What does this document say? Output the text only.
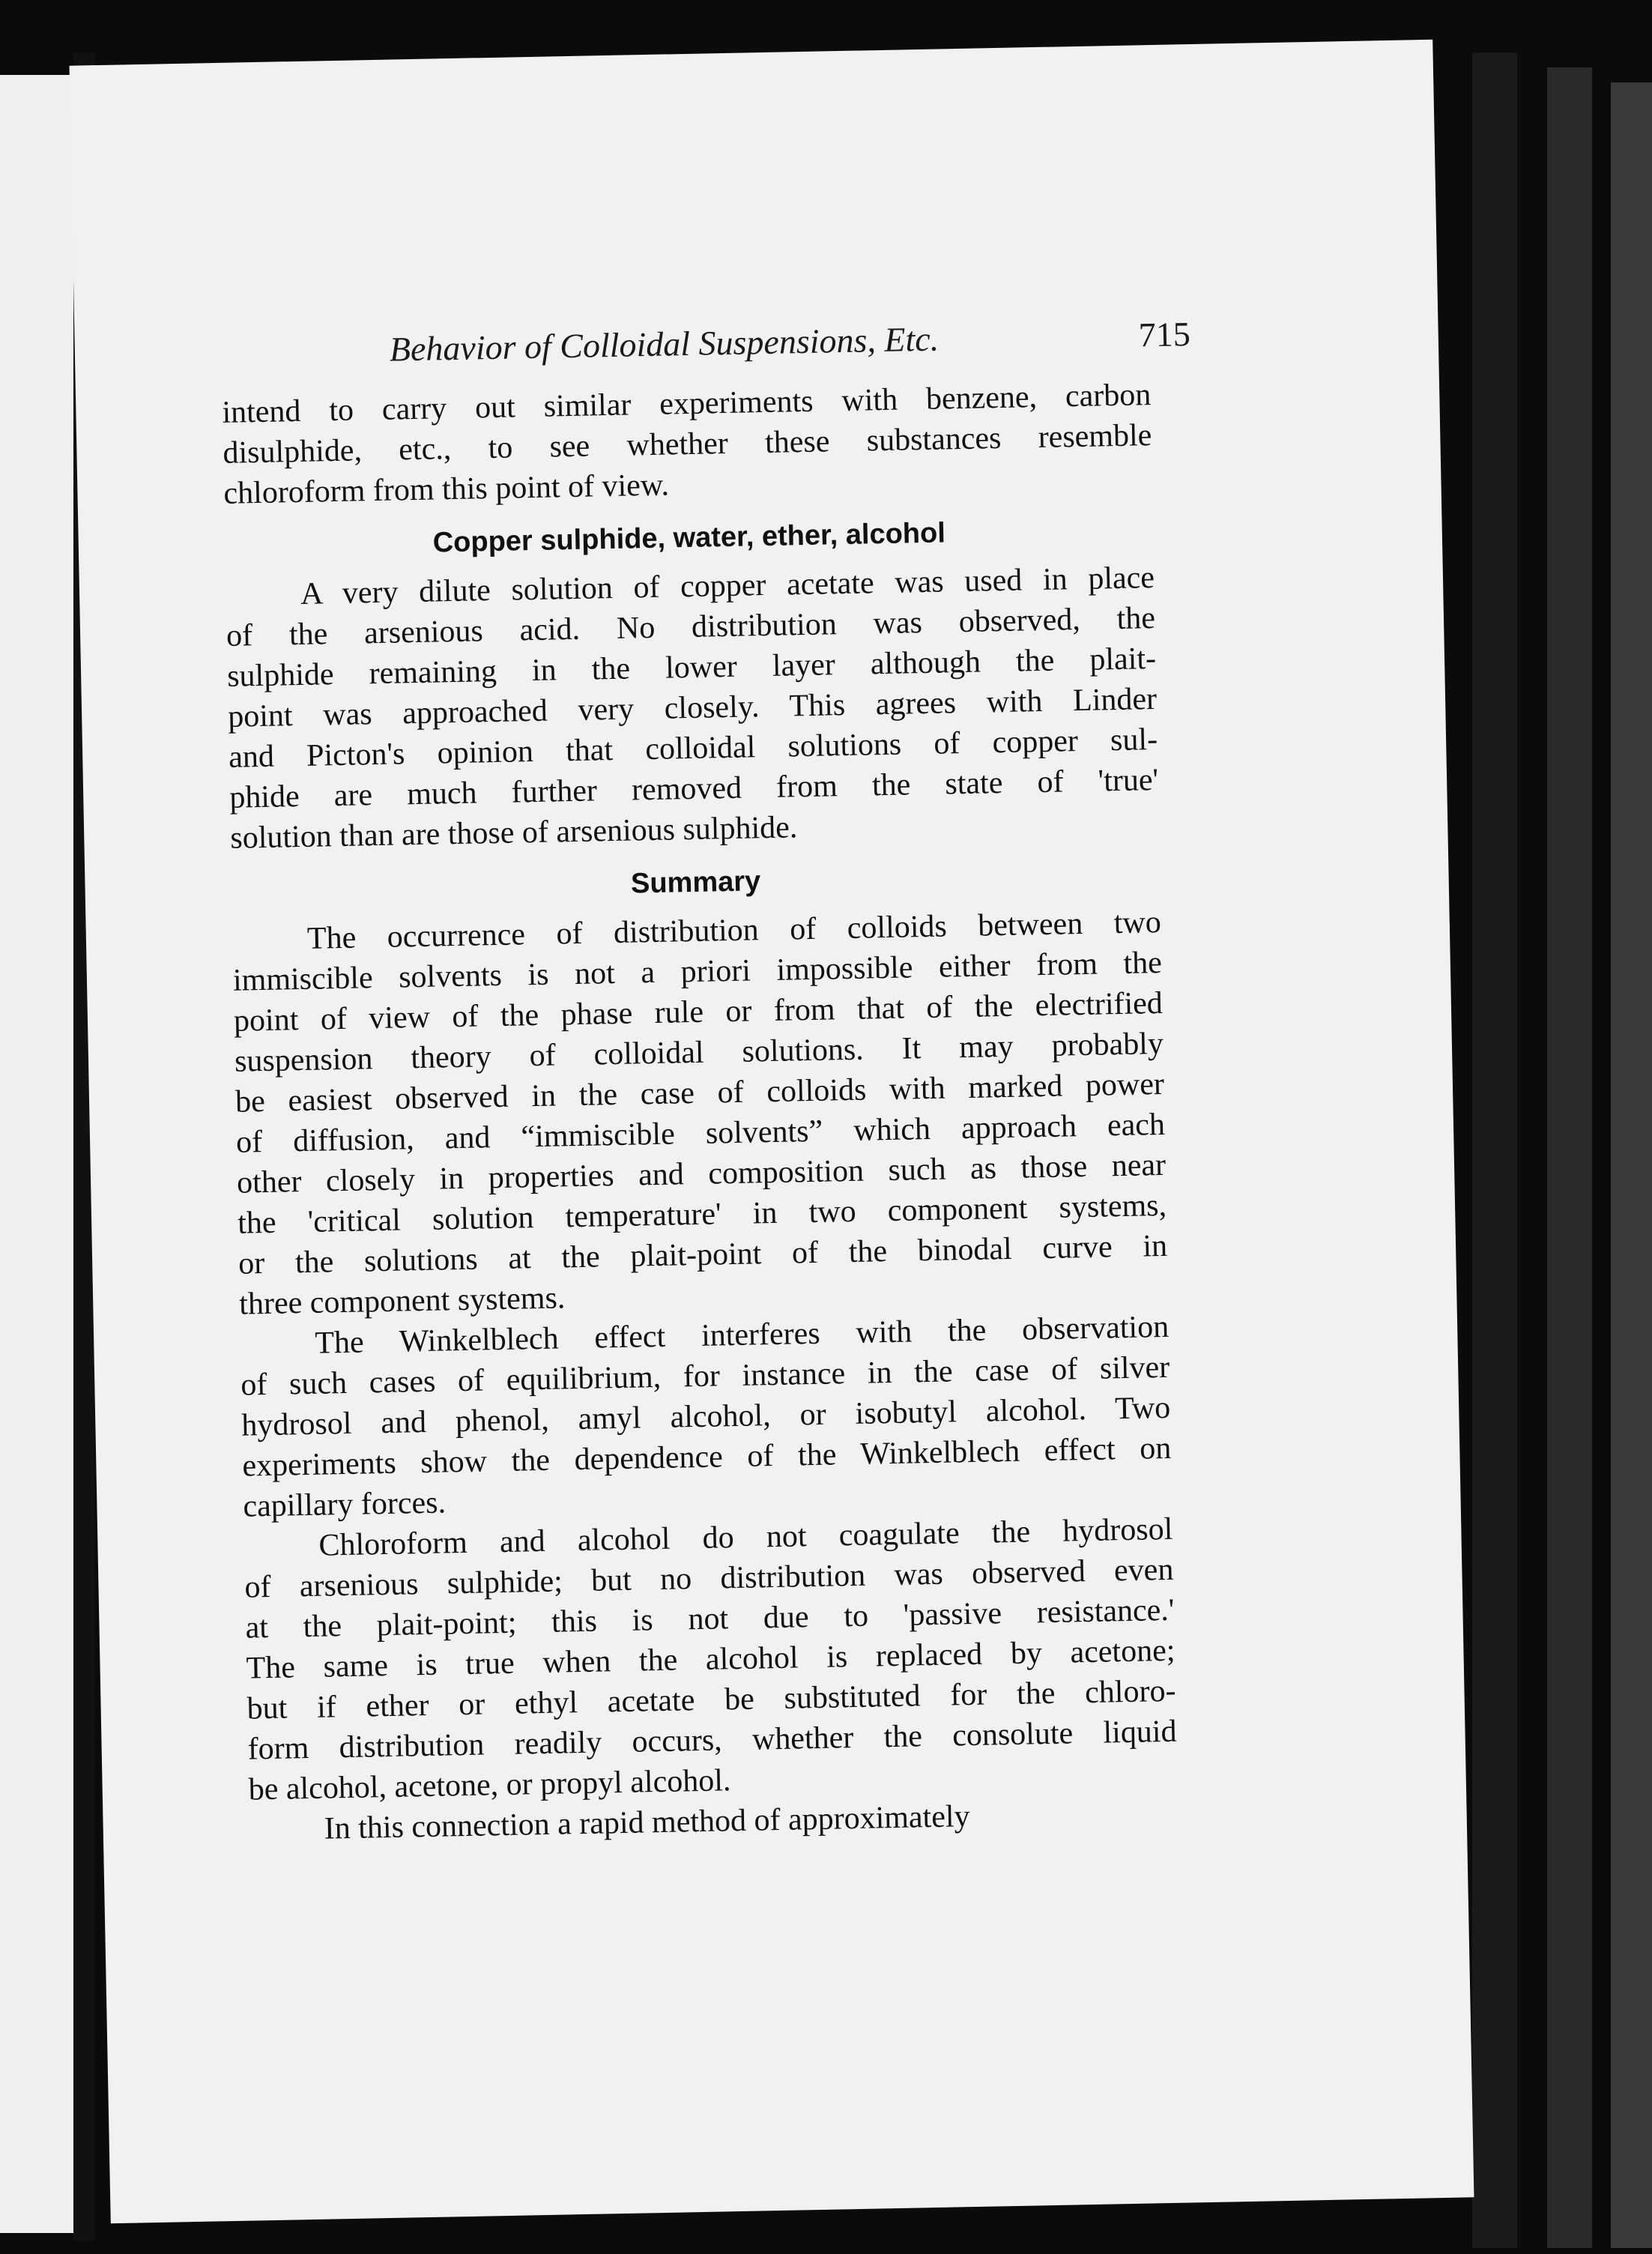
Behavior of Colloidal Suspensions, Etc.	715
intend to carry out similar experiments with benzene, carbon
disulphide, etc., to see whether these substances resemble
chloroform from this point of view.
Copper sulphide, water, ether, alcohol
A very dilute solution of copper acetate was used in place
of the arsenious acid. No distribution was observed, the
sulphide remaining in the lower layer although the plait-
point was approached very closely. This agrees with Linder
and Picton's opinion that colloidal solutions of copper sul-
phide are much further removed from the state of 'true'
solution than are those of arsenious sulphide.
Summary
The occurrence of distribution of colloids between two
immiscible solvents is not a priori impossible either from the
point of view of the phase rule or from that of the electrified
suspension theory of colloidal solutions. It may probably
be easiest observed in the case of colloids with marked power
of diffusion, and “immiscible solvents” which approach each
other closely in properties and composition such as those near
the 'critical solution temperature' in two component systems,
or the solutions at the plait-point of the binodal curve in
three component systems.
The Winkelblech effect interferes with the observation
of such cases of equilibrium, for instance in the case of silver
hydrosol and phenol, amyl alcohol, or isobutyl alcohol. Two
experiments show the dependence of the Winkelblech effect on
capillary forces.
Chloroform and alcohol do not coagulate the hydrosol
of arsenious sulphide; but no distribution was observed even
at the plait-point; this is not due to 'passive resistance.'
The same is true when the alcohol is replaced by acetone;
but if ether or ethyl acetate be substituted for the chloro-
form distribution readily occurs, whether the consolute liquid
be alcohol, acetone, or propyl alcohol.
In this connection a rapid method of approximately
